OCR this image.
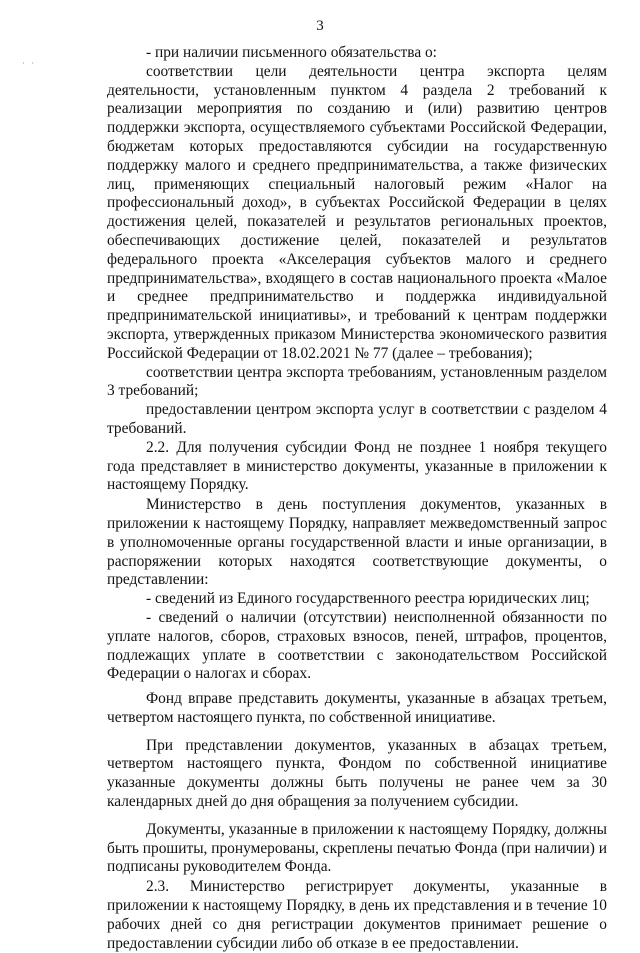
3
· ·

- при наличии письменного обязательства о:

соответствии цели деятельности центра экспорта целям деятельности, установленным пунктом 4 раздела 2 требований к реализации мероприятия по созданию и (или) развитию центров поддержки экспорта, осуществляемого субъектами Российской Федерации, бюджетам которых предоставляются субсидии на государственную поддержку малого и среднего предпринимательства, а также физических лиц, применяющих специальный налоговый режим «Налог на профессиональный доход», в субъектах Российской Федерации в целях достижения целей, показателей и результатов региональных проектов, обеспечивающих достижение целей, показателей и результатов федерального проекта «Акселерация субъектов малого и среднего предпринимательства», входящего в состав национального проекта «Малое и среднее предпринимательство и поддержка индивидуальной предпринимательской инициативы», и требований к центрам поддержки экспорта, утвержденных приказом Министерства экономического развития Российской Федерации от 18.02.2021 № 77 (далее – требования);

соответствии центра экспорта требованиям, установленным разделом 3 требований;

предоставлении центром экспорта услуг в соответствии с разделом 4 требований.

2.2. Для получения субсидии Фонд не позднее 1 ноября текущего года представляет в министерство документы, указанные в приложении к настоящему Порядку.

Министерство в день поступления документов, указанных в приложении к настоящему Порядку, направляет межведомственный запрос в уполномоченные органы государственной власти и иные организации, в распоряжении которых находятся соответствующие документы, о представлении:

- сведений из Единого государственного реестра юридических лиц;

- сведений о наличии (отсутствии) неисполненной обязанности по уплате налогов, сборов, страховых взносов, пеней, штрафов, процентов, подлежащих уплате в соответствии с законодательством Российской Федерации о налогах и сборах.

Фонд вправе представить документы, указанные в абзацах третьем, четвертом настоящего пункта, по собственной инициативе.

При представлении документов, указанных в абзацах третьем, четвертом настоящего пункта, Фондом по собственной инициативе указанные документы должны быть получены не ранее чем за 30 календарных дней до дня обращения за получением субсидии.

Документы, указанные в приложении к настоящему Порядку, должны быть прошиты, пронумерованы, скреплены печатью Фонда (при наличии) и подписаны руководителем Фонда.

2.3. Министерство регистрирует документы, указанные в приложении к настоящему Порядку, в день их представления и в течение 10 рабочих дней со дня регистрации документов принимает решение о предоставлении субсидии либо об отказе в ее предоставлении.
